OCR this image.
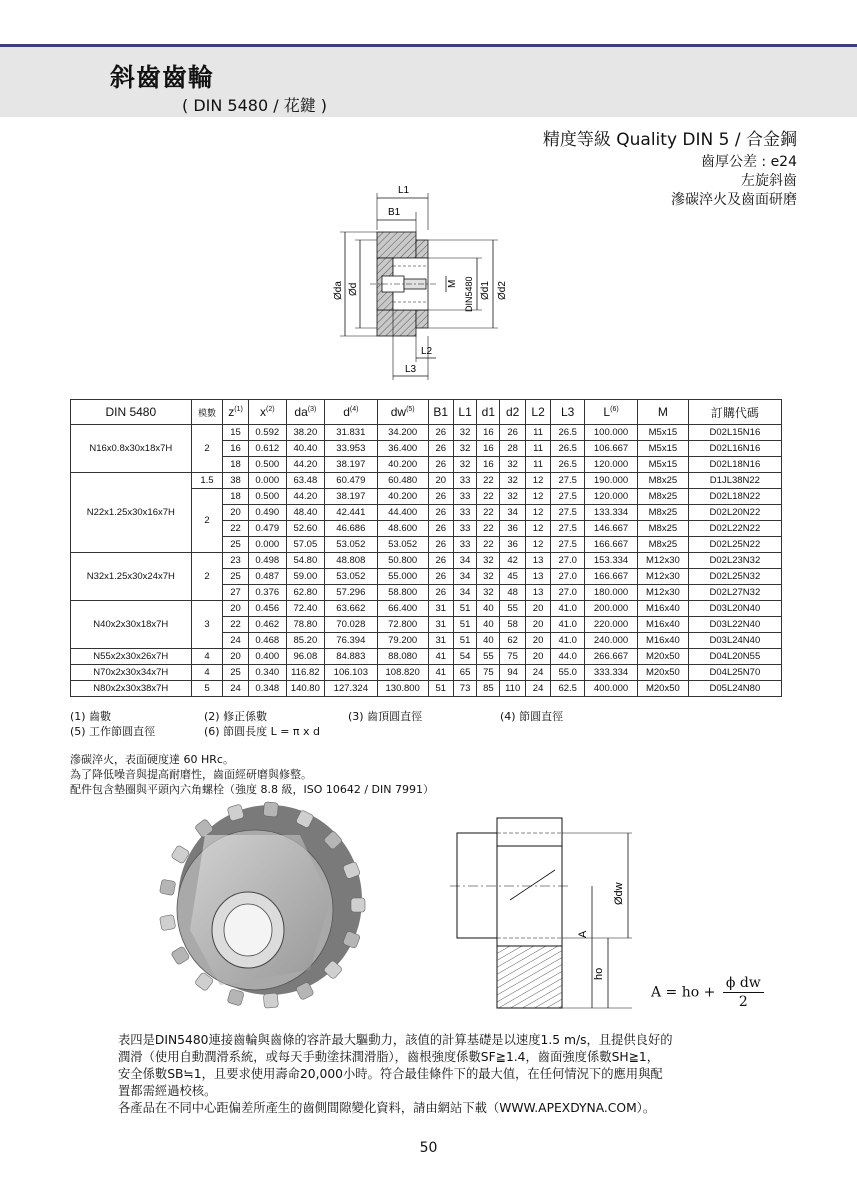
斜齒齒輪
( DIN 5480 / 花鍵 )
精度等級 Quality DIN 5 / 合金鋼
齒厚公差 : e24
左旋斜齒
滲碳淬火及齒面研磨
L1
B1
Øda Ød	M DIN5480 Ød1 Ød2
L2
L3
Ødw
A
ho
DIN 5480	模數	$z^{(1)}$	$x^{(2)}$	$da^{(3)}$	$d^{(4)}$	$dw^{(5)}$	B1	L1	d1	d2	L2	L3	$L^{(6)}$	M	訂購代碼
N16x0.8x30x18x7H	2	15	0.592	38.20	31.831	34.200	26	32	16	26	11	26.5	100.000	M5x15	D02L15N16
		16	0.612	40.40	33.953	36.400	26	32	16	28	11	26.5	106.667	M5x15	D02L16N16
		18	0.500	44.20	38.197	40.200	26	32	16	32	11	26.5	120.000	M5x15	D02L18N16
N22x1.25x30x16x7H	1.5	38	0.000	63.48	60.479	60.480	20	33	22	32	12	27.5	190.000	M8x25	D1JL38N22
	2	18	0.500	44.20	38.197	40.200	26	33	22	32	12	27.5	120.000	M8x25	D02L18N22
		20	0.490	48.40	42.441	44.400	26	33	22	34	12	27.5	133.334	M8x25	D02L20N22
		22	0.479	52.60	46.686	48.600	26	33	22	36	12	27.5	146.667	M8x25	D02L22N22
		25	0.000	57.05	53.052	53.052	26	33	22	36	12	27.5	166.667	M8x25	D02L25N22
N32x1.25x30x24x7H	2	23	0.498	54.80	48.808	50.800	26	34	32	42	13	27.0	153.334	M12x30	D02L23N32
		25	0.487	59.00	53.052	55.000	26	34	32	45	13	27.0	166.667	M12x30	D02L25N32
		27	0.376	62.80	57.296	58.800	26	34	32	48	13	27.0	180.000	M12x30	D02L27N32
N40x2x30x18x7H	3	20	0.456	72.40	63.662	66.400	31	51	40	55	20	41.0	200.000	M16x40	D03L20N40
		22	0.462	78.80	70.028	72.800	31	51	40	58	20	41.0	220.000	M16x40	D03L22N40
		24	0.468	85.20	76.394	79.200	31	51	40	62	20	41.0	240.000	M16x40	D03L24N40
N55x2x30x26x7H	4	20	0.400	96.08	84.883	88.080	41	54	55	75	20	44.0	266.667	M20x50	D04L20N55
N70x2x30x34x7H	4	25	0.340	116.82	106.103	108.820	41	65	75	94	24	55.0	333.334	M20x50	D04L25N70
N80x2x30x38x7H	5	24	0.348	140.80	127.324	130.800	51	73	85	110	24	62.5	400.000	M20x50	D05L24N80
(1) 齒數	(2) 修正係數	(3) 齒頂圓直徑	(4) 節圓直徑
(5) 工作節圓直徑	(6) 節圓長度 L = π x d
滲碳淬火，表面硬度達 60 HRc。
為了降低噪音與提高耐磨性，齒面經研磨與修整。
配件包含墊圈與平頭內六角螺栓（強度 8.8 級，ISO 10642 / DIN 7991）
A = ho + $\frac{\text{ϕ dw}}{2}$
表四是DIN5480連接齒輪與齒條的容許最大驅動力，該值的計算基礎是以速度1.5 m/s，且提供良好的
潤滑（使用自動潤滑系統，或每天手動塗抹潤滑脂），齒根強度係數SF≧1.4，齒面強度係數SH≧1，
安全係數SB≒1，且要求使用壽命20,000小時。符合最佳條件下的最大值，在任何情況下的應用與配
置都需經過校核。
各產品在不同中心距偏差所產生的齒側間隙變化資料，請由網站下載（WWW.APEXDYNA.COM）。
50
